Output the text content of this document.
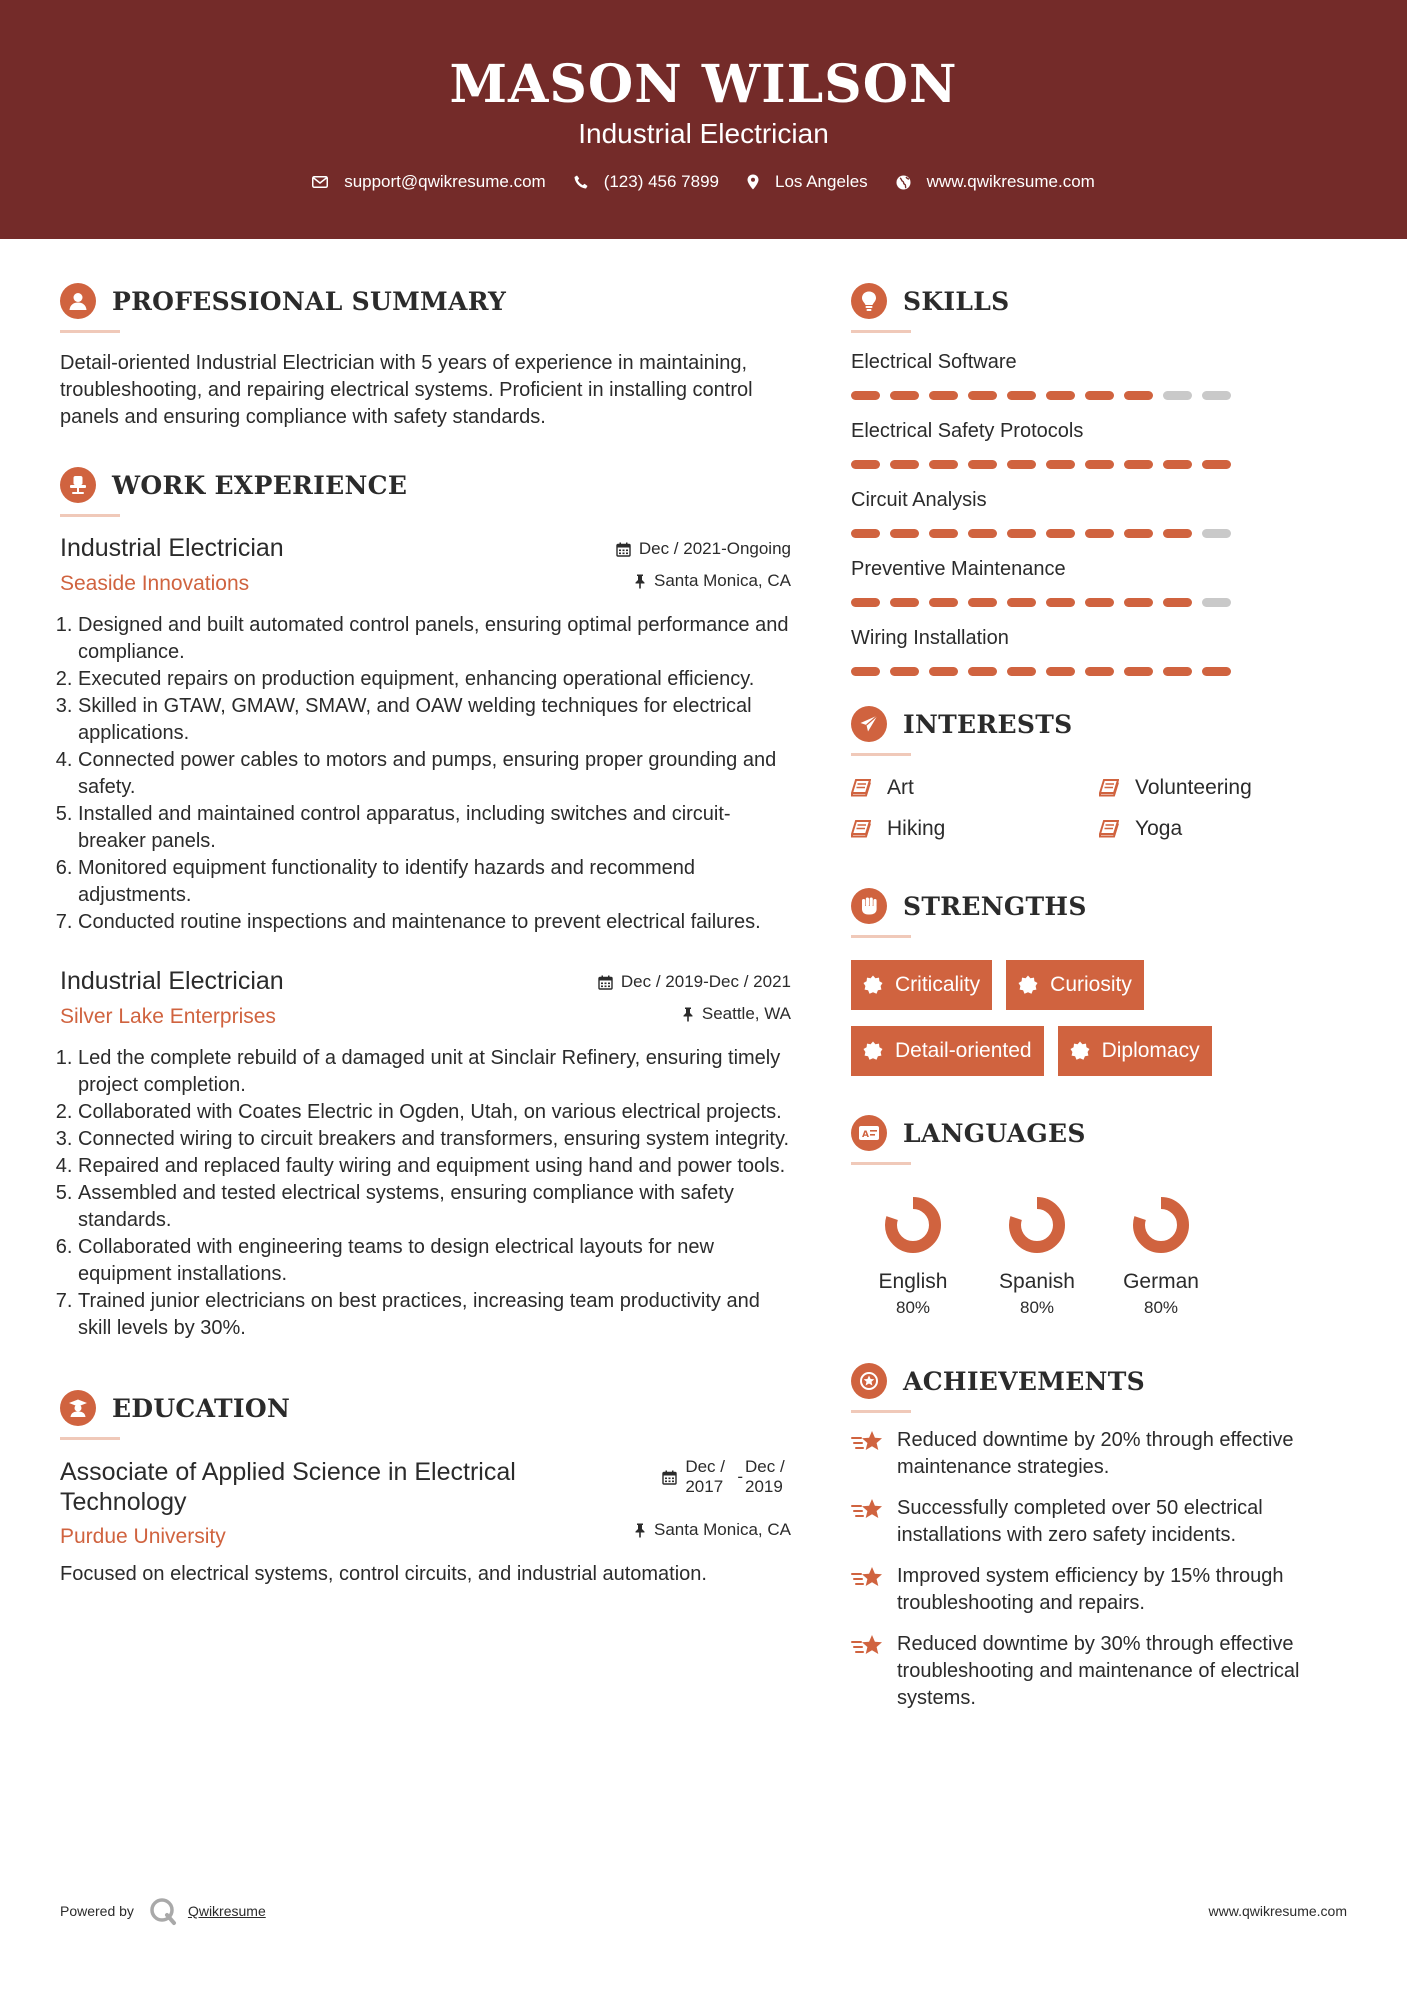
MASON WILSON
Industrial Electrician
support@qwikresume.com	(123) 456 7899	Los Angeles	www.qwikresume.com
PROFESSIONAL SUMMARY

Detail-oriented Industrial Electrician with 5 years of experience in maintaining, troubleshooting, and repairing electrical systems. Proficient in installing control panels and ensuring compliance with safety standards.

WORK EXPERIENCE
Industrial Electrician
Seaside Innovations
Dec / 2021-Ongoing
Santa Monica, CA
1. Designed and built automated control panels, ensuring optimal performance and compliance.
2. Executed repairs on production equipment, enhancing operational efficiency.
3. Skilled in GTAW, GMAW, SMAW, and OAW welding techniques for electrical applications.
4. Connected power cables to motors and pumps, ensuring proper grounding and safety.
5. Installed and maintained control apparatus, including switches and circuit-breaker panels.
6. Monitored equipment functionality to identify hazards and recommend adjustments.
7. Conducted routine inspections and maintenance to prevent electrical failures.
Industrial Electrician
Silver Lake Enterprises
Dec / 2019-Dec / 2021
Seattle, WA
1. Led the complete rebuild of a damaged unit at Sinclair Refinery, ensuring timely project completion.
2. Collaborated with Coates Electric in Ogden, Utah, on various electrical projects.
3. Connected wiring to circuit breakers and transformers, ensuring system integrity.
4. Repaired and replaced faulty wiring and equipment using hand and power tools.
5. Assembled and tested electrical systems, ensuring compliance with safety standards.
6. Collaborated with engineering teams to design electrical layouts for new equipment installations.
7. Trained junior electricians on best practices, increasing team productivity and skill levels by 30%.
EDUCATION
Associate of Applied Science in Electrical Technology
Purdue University
Dec / 2017
-
Dec / 2019
Santa Monica, CA

Focused on electrical systems, control circuits, and industrial automation.

SKILLS
Electrical Software
Electrical Safety Protocols
Circuit Analysis
Preventive Maintenance
Wiring Installation
INTERESTS
Art	Volunteering
Hiking	Yoga
STRENGTHS
Criticality	Curiosity
Detail-oriented	Diplomacy
A LANGUAGES
English
80%
Spanish
80%
German
80%
ACHIEVEMENTS
Reduced downtime by 20% through effective maintenance strategies.
Successfully completed over 50 electrical installations with zero safety incidents.
Improved system efficiency by 15% through troubleshooting and repairs.
Reduced downtime by 30% through effective troubleshooting and maintenance of electrical systems.
Powered by	Qwikresume	www.qwikresume.com
